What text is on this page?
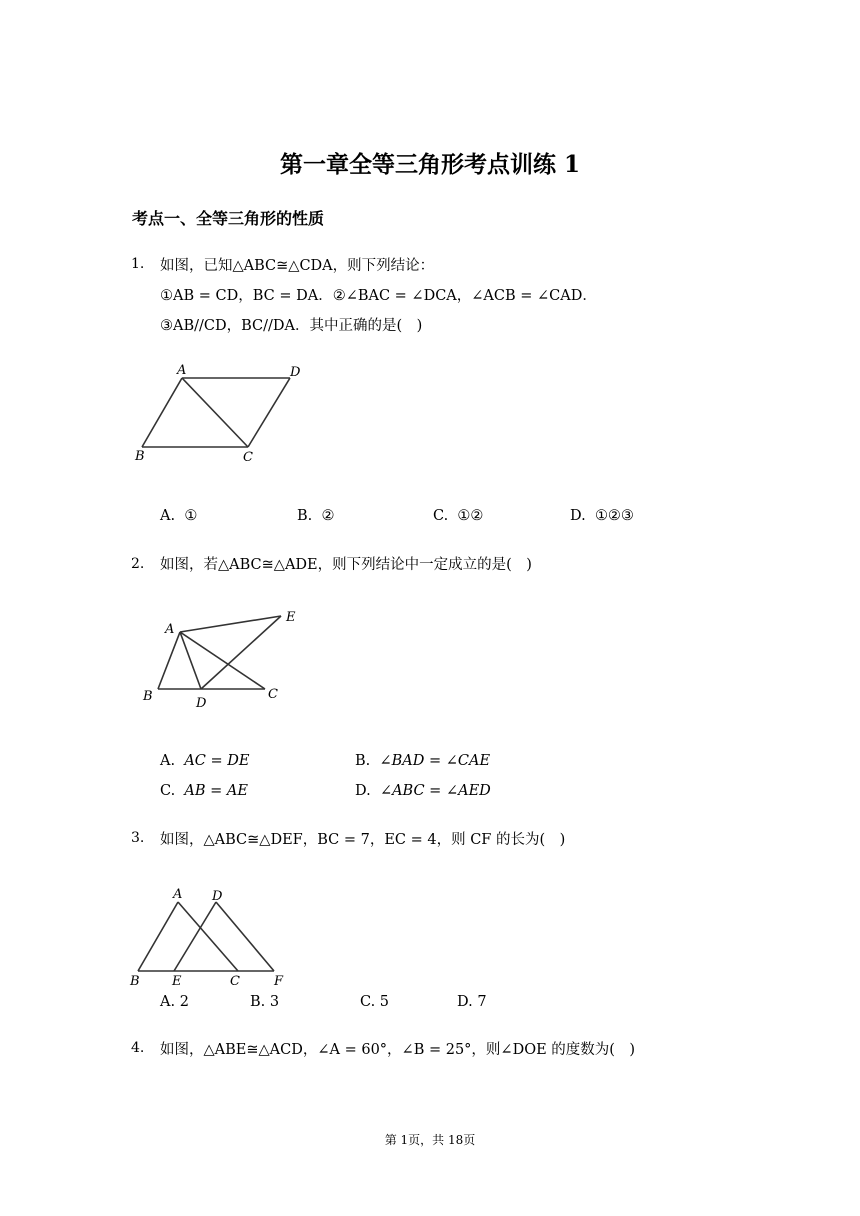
第一章全等三角形考点训练 1
考点一、全等三角形的性质
1. 如图，已知△ABC≅△CDA，则下列结论：
①AB = CD，BC = DA．②∠BAC = ∠DCA，∠ACB = ∠CAD．
③AB//CD，BC//DA．其中正确的是(　)
A	D
B	C
A. ①	B. ②	C. ①②	D. ①②③
2. 如图，若△ABC≅△ADE，则下列结论中一定成立的是(　)
A
E
B	D
C
A. AC = DE	B. ∠BAD = ∠CAE
C. AB = AE	D. ∠ABC = ∠AED
3. 如图，△ABC≅△DEF，BC = 7，EC = 4，则 CF 的长为(　)
A D
B E	C	F
A. 2	B. 3	C. 5	D. 7
4. 如图，△ABE≅△ACD，∠A = 60°，∠B = 25°，则∠DOE 的度数为(　)
第 1页，共 18页
